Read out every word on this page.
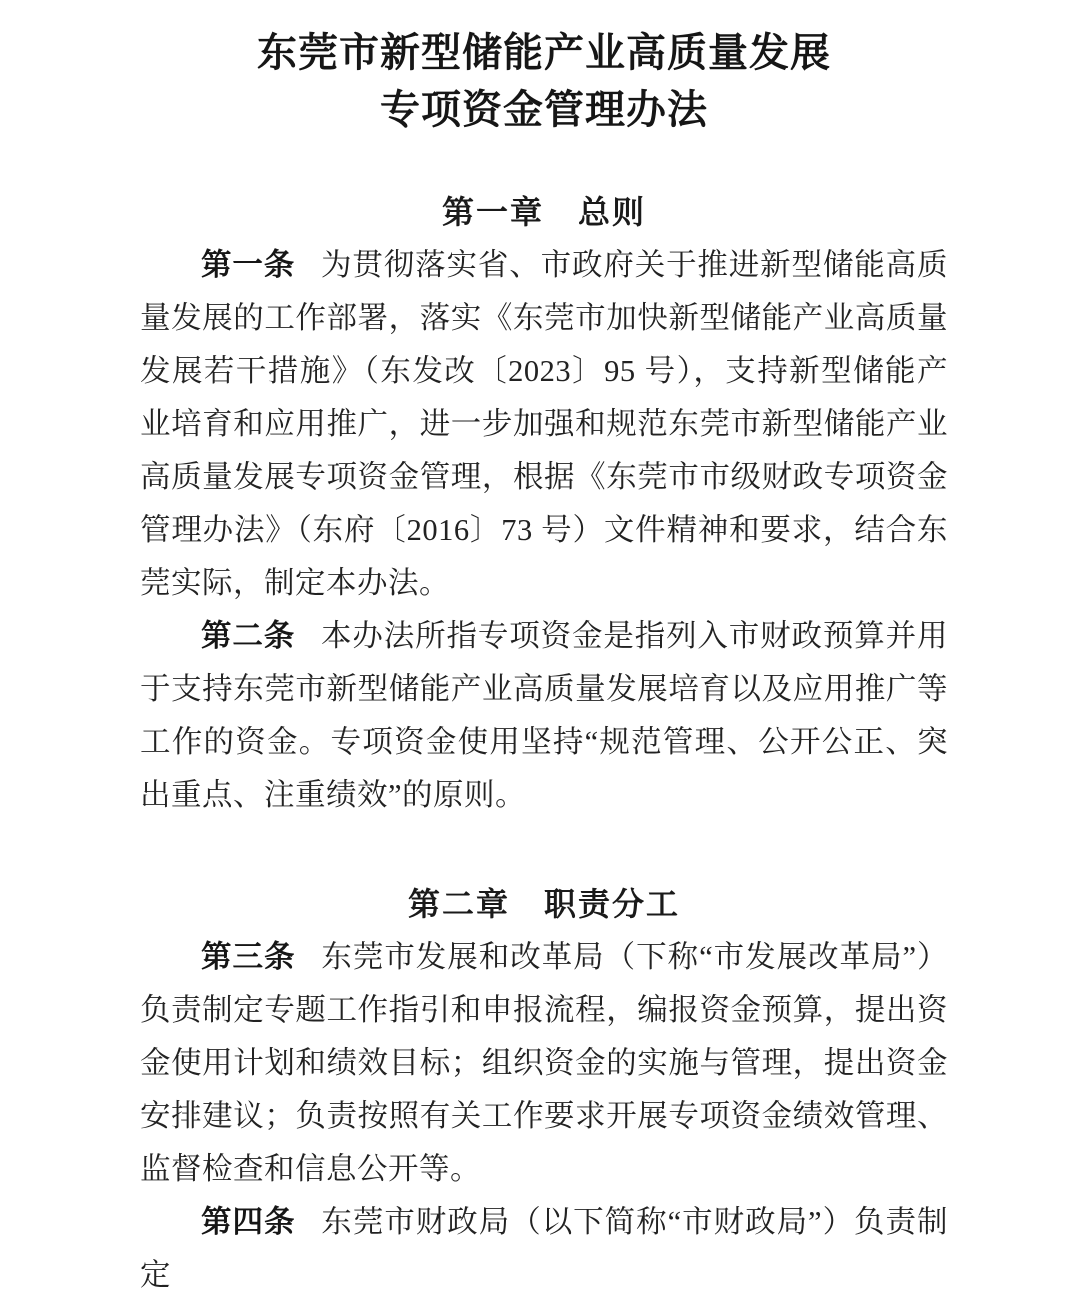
东莞市新型储能产业高质量发展
专项资金管理办法
第一章　总则

第一条 为贯彻落实省、市政府关于推进新型储能高质量发展的工作部署，落实《东莞市加快新型储能产业高质量发展若干措施》（东发改〔2023〕95 号），支持新型储能产业培育和应用推广，进一步加强和规范东莞市新型储能产业高质量发展专项资金管理，根据《东莞市市级财政专项资金管理办法》（东府〔2016〕73 号）文件精神和要求，结合东莞实际，制定本办法。

第二条 本办法所指专项资金是指列入市财政预算并用于支持东莞市新型储能产业高质量发展培育以及应用推广等工作的资金。专项资金使用坚持“规范管理、公开公正、突出重点、注重绩效”的原则。

第二章　职责分工

第三条 东莞市发展和改革局（下称“市发展改革局”）负责制定专题工作指引和申报流程，编报资金预算，提出资金使用计划和绩效目标；组织资金的实施与管理，提出资金安排建议；负责按照有关工作要求开展专项资金绩效管理、监督检查和信息公开等。

第四条 东莞市财政局（以下简称“市财政局”）负责制定
